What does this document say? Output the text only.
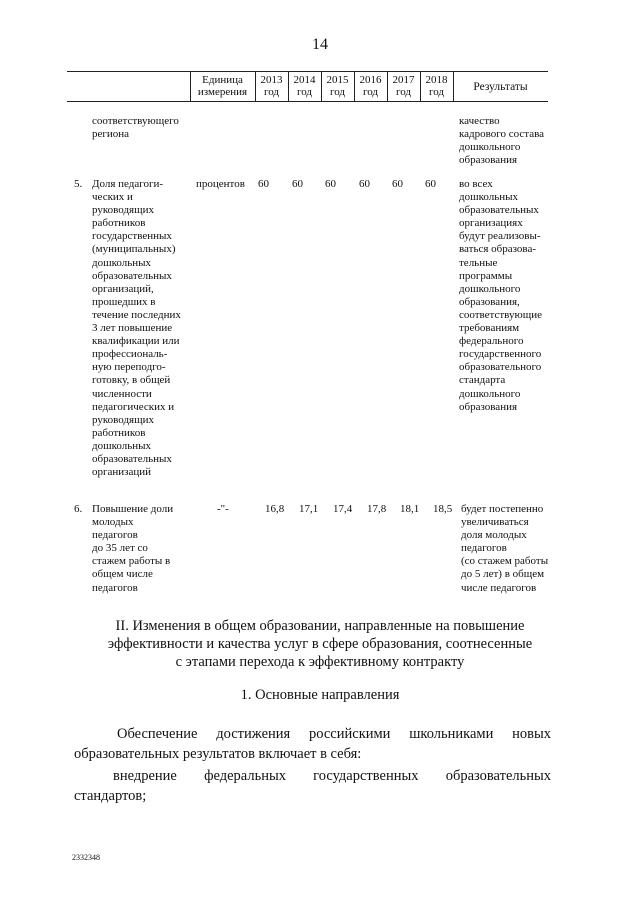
14
Единица
измерения
2013
год
2014
год
2015
год
2016
год
2017
год
2018
год	Результаты
соответствующего
региона
качество
кадрового состава
дошкольного
образования
5. Доля педагоги-
ческих и
руководящих
работников
государственных
(муниципальных)
дошкольных
образовательных
организаций,
прошедших в
течение последних
3 лет повышение
квалификации или
профессиональ-
ную переподго-
готовку, в общей
численности
педагогических и
руководящих
работников
дошкольных
образовательных
организаций
процентов 60 60 60 60 60 60 во всех
дошкольных
образовательных
организациях
будут реализовы-
ваться образова-
тельные
программы
дошкольного
образования,
соответствующие
требованиям
федерального
государственного
образовательного
стандарта
дошкольного
образования
6. Повышение доли
молодых
педагогов
до 35 лет со
стажем работы в
общем числе
педагогов
-"-	16,8 17,1 17,4 17,8 18,1 18,5 будет постепенно
увеличиваться
доля молодых
педагогов
(со стажем работы
до 5 лет) в общем
числе педагогов
II. Изменения в общем образовании, направленные на повышение
эффективности и качества услуг в сфере образования, соотнесенные
с этапами перехода к эффективному контракту
1. Основные направления
Обеспечение достижения российскими школьниками новых
образовательных результатов включает в себя:
внедрение федеральных государственных образовательных
стандартов;
2332348
